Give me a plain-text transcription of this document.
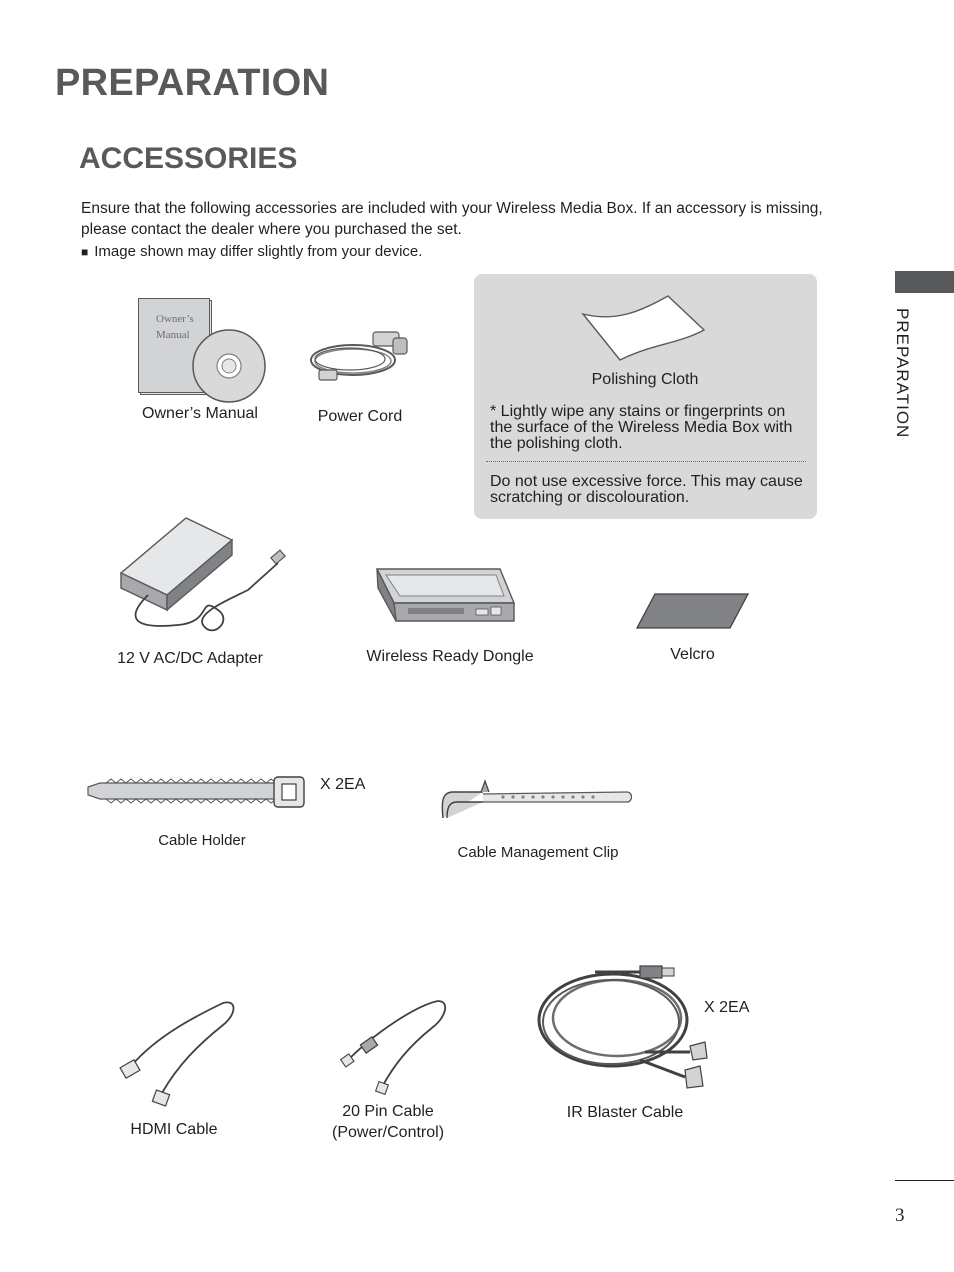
PREPARATION
ACCESSORIES
Ensure that the following accessories are included with your Wireless Media Box. If an accessory is missing, please contact the dealer where you purchased the set.
■ Image shown may differ slightly from your device.
PREPARATION
Owner’s
Manual
Owner’s Manual	Power Cord
Polishing Cloth
* Lightly wipe any stains or fingerprints on the surface of the Wireless Media Box with the polishing cloth.
Do not use excessive force. This may cause scratching or discolouration.
12 V AC/DC Adapter	Wireless Ready Dongle	Velcro
X 2EA
Cable Holder
Cable Management Clip
HDMI Cable
20 Pin Cable
(Power/Control)
X 2EA
IR Blaster Cable
3
